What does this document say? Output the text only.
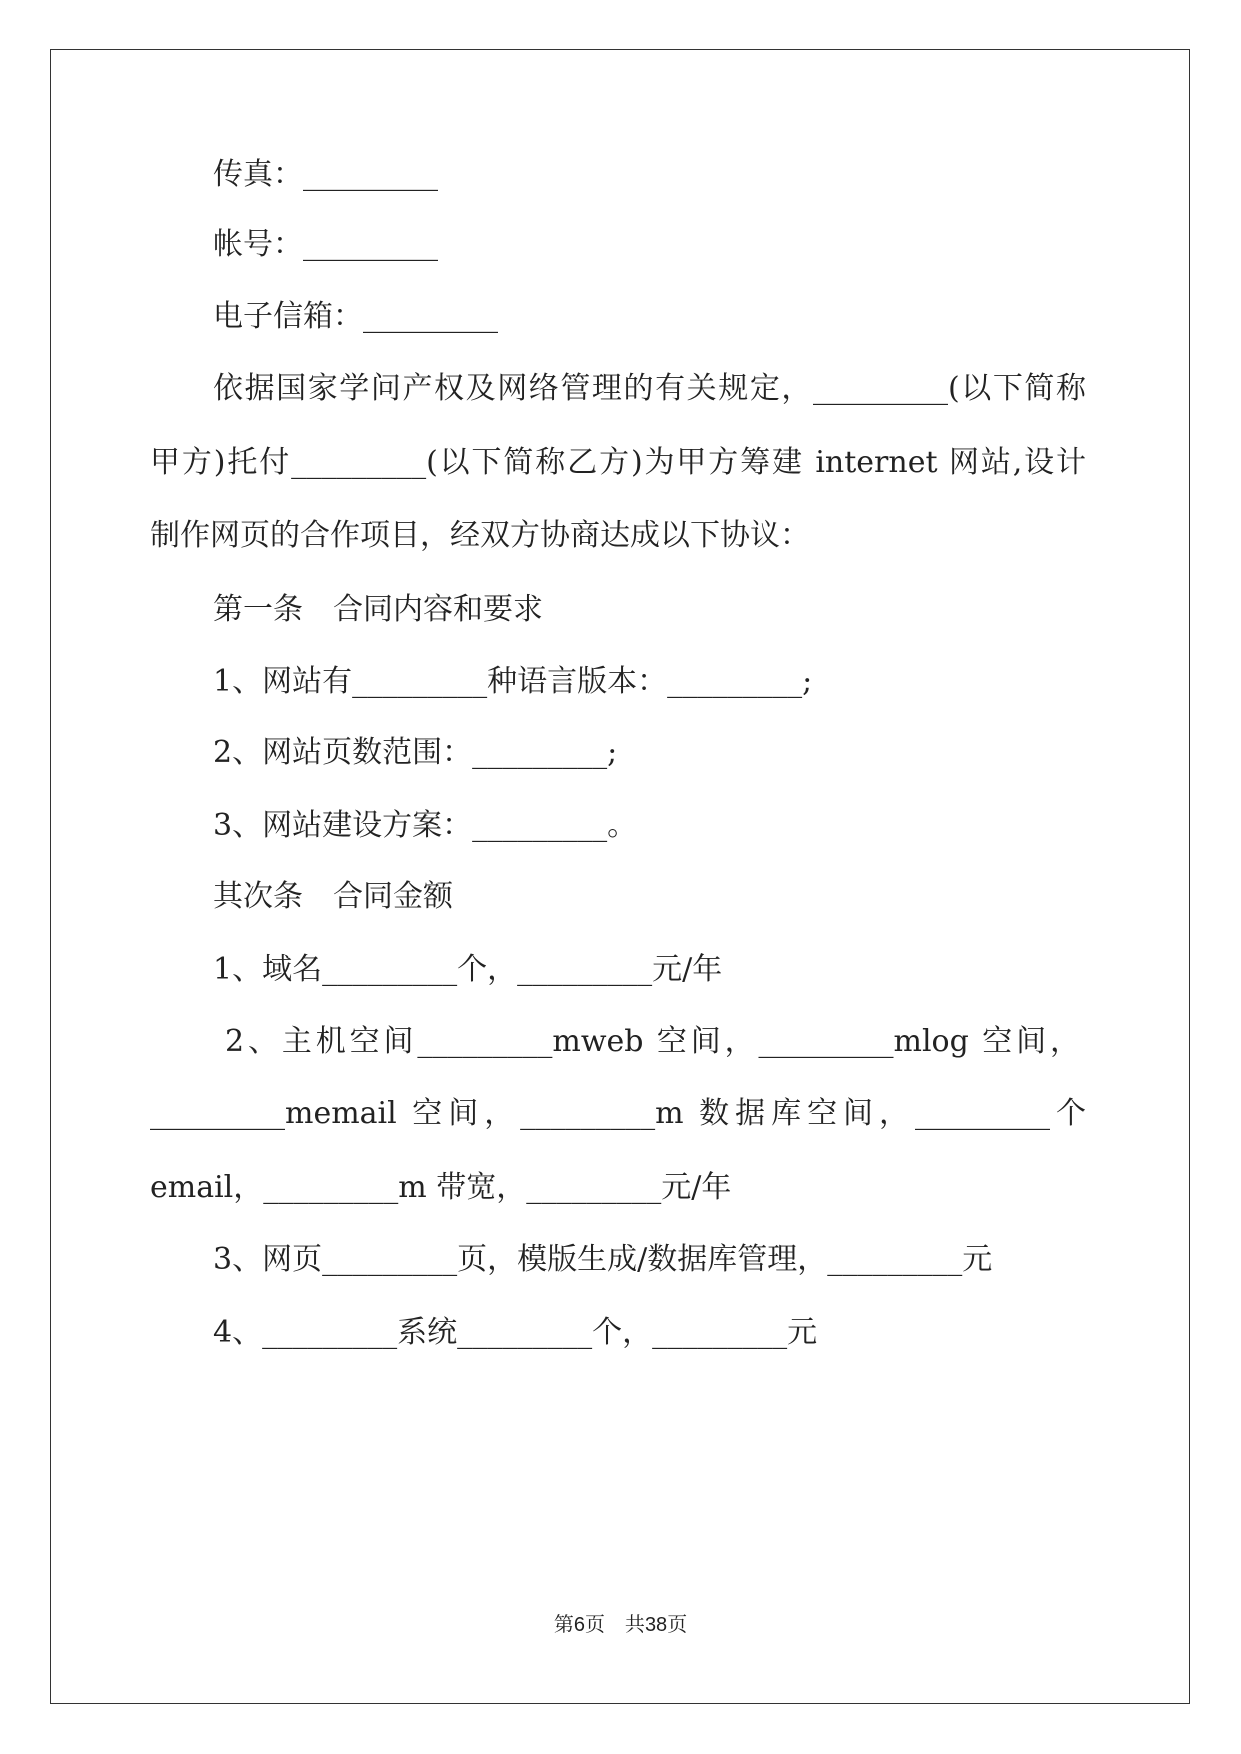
传真：_________

帐号：_________

电子信箱：_________

依据国家学问产权及网络管理的有关规定，_________(以下简称

甲方)托付_________(以下简称乙方)为甲方筹建 internet 网站,设计

制作网页的合作项目，经双方协商达成以下协议：

第一条　合同内容和要求

1、网站有_________种语言版本：_________;

2、网站页数范围：_________;

3、网站建设方案：_________。

其次条　合同金额

1、域名_________个，_________元/年

2、主机空间_________mweb 空间，_________mlog 空间，

_________memail 空间，_________m 数据库空间，_________个

email，_________m 带宽，_________元/年

3、网页_________页，模版生成/数据库管理，_________元

4、_________系统_________个，_________元

第6页　共38页
